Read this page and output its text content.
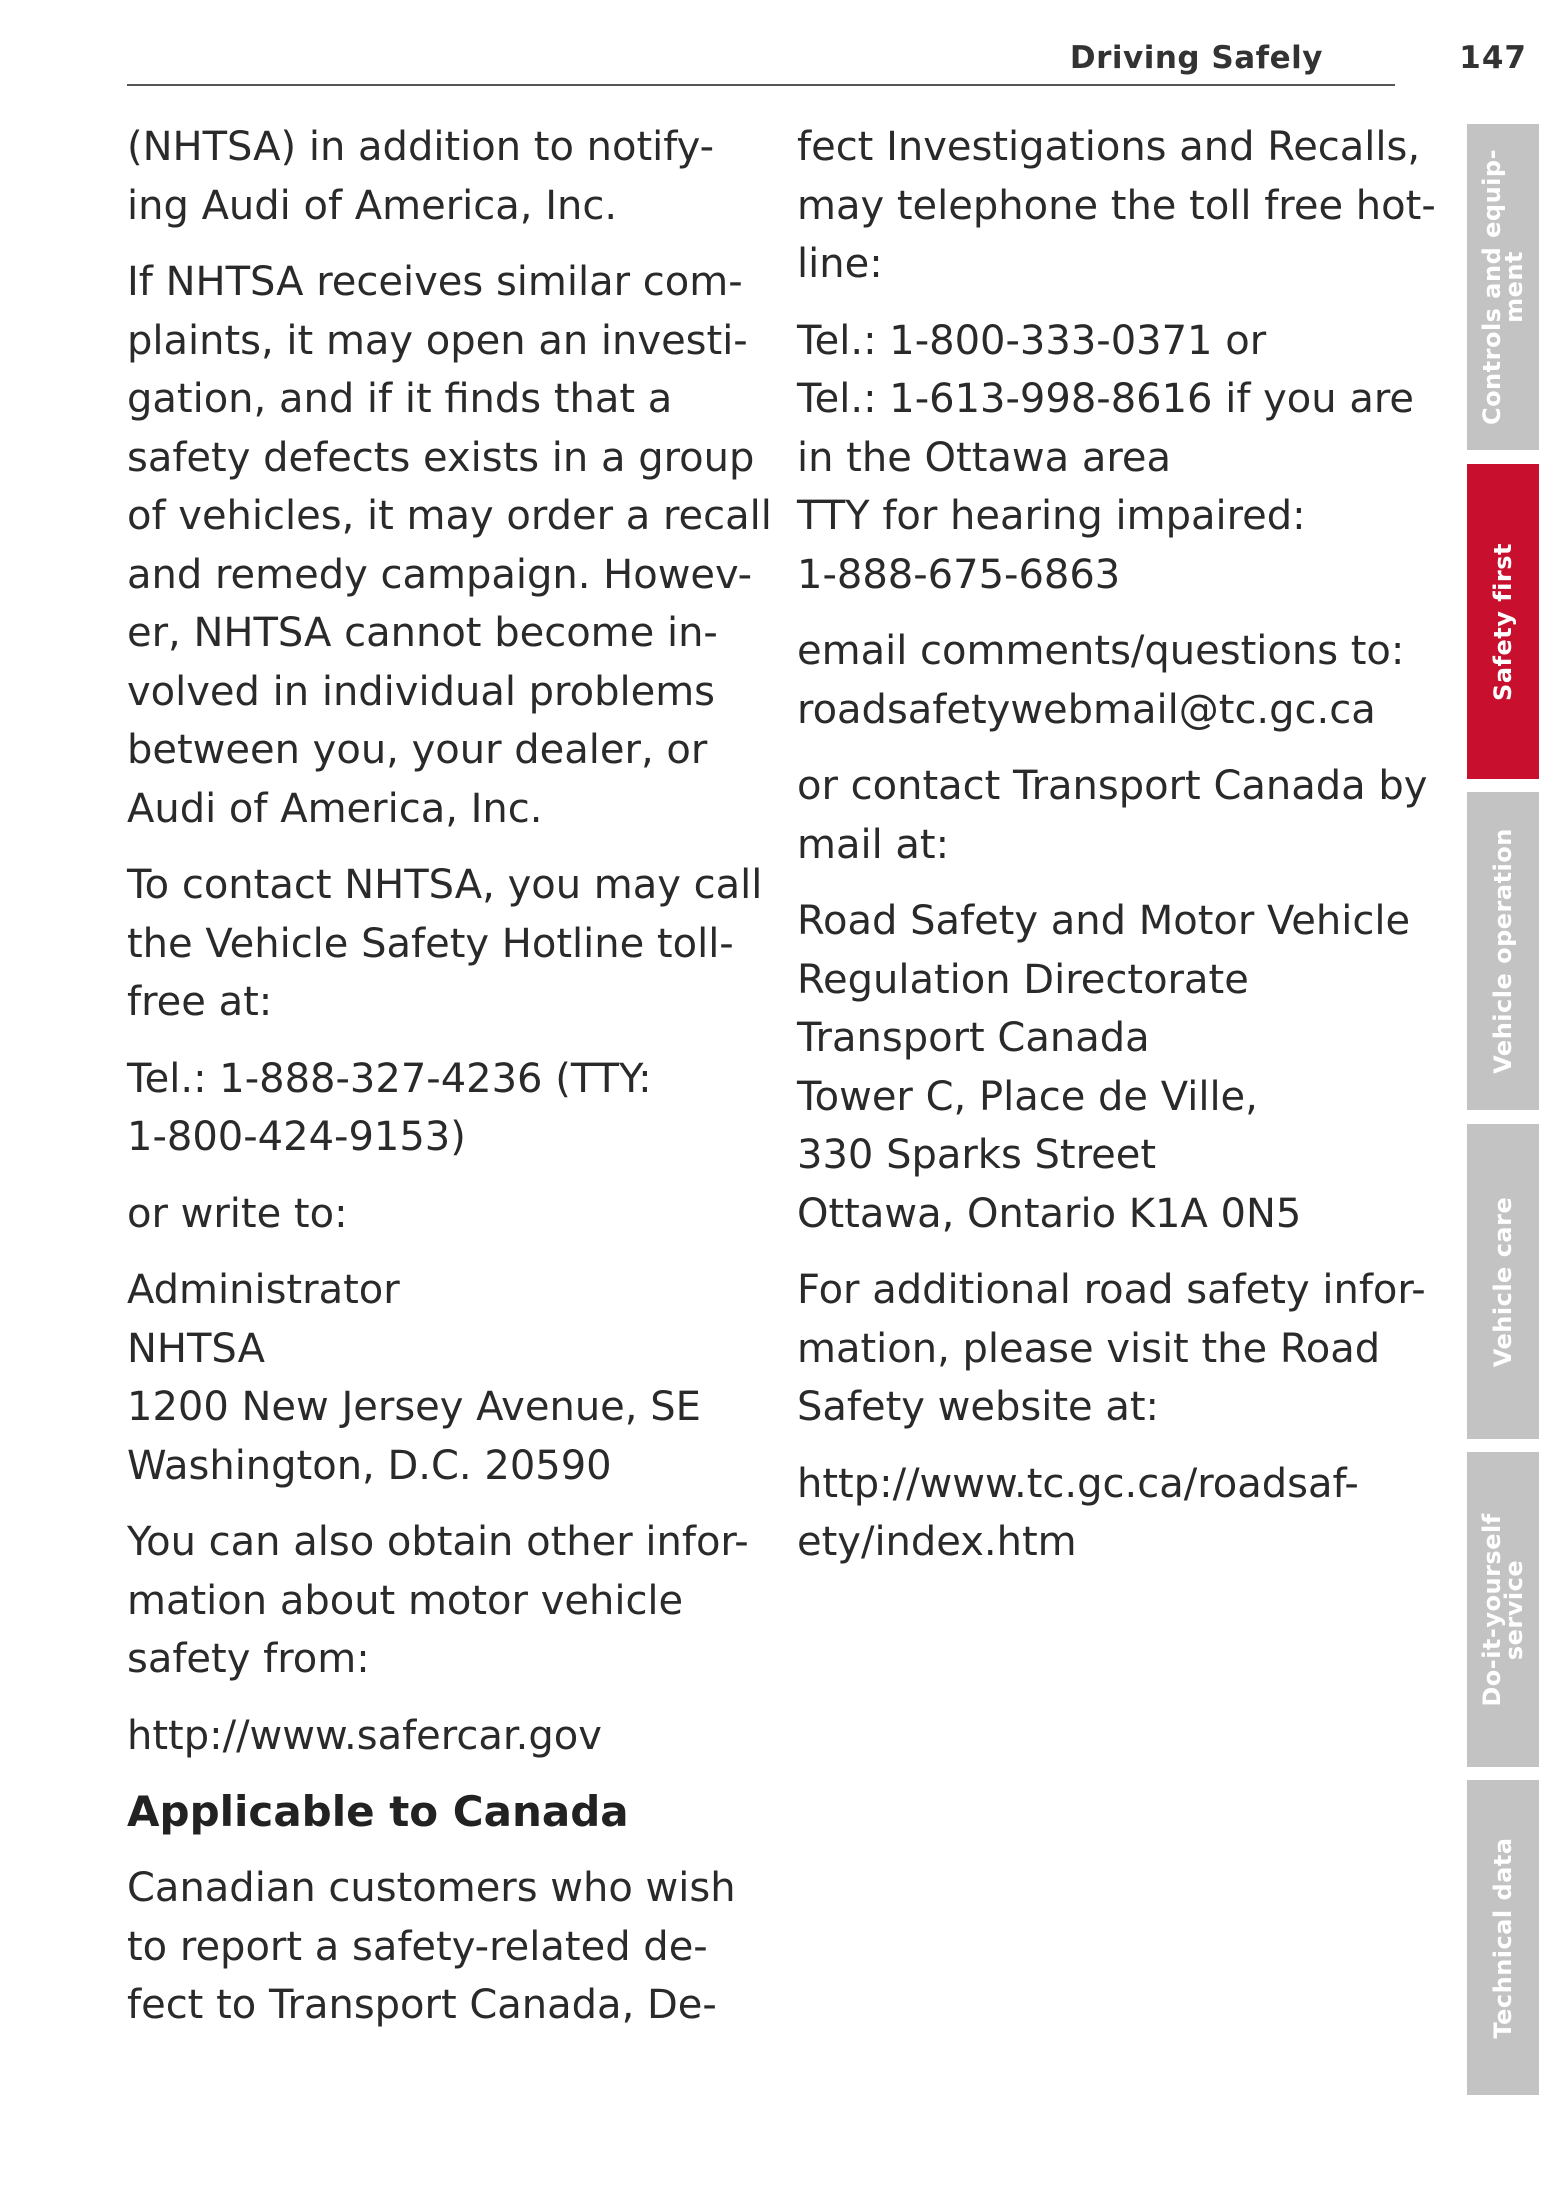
Driving Safely	147

(NHTSA) in addition to notify-
ing Audi of America, Inc.

If NHTSA receives similar com-
plaints, it may open an investi-
gation, and if it finds that a
safety defects exists in a group
of vehicles, it may order a recall
and remedy campaign. Howev-
er, NHTSA cannot become in-
volved in individual problems
between you, your dealer, or
Audi of America, Inc.

To contact NHTSA, you may call
the Vehicle Safety Hotline toll-
free at:

Tel.: 1-888-327-4236 (TTY:
1-800-424-9153)

or write to:

Administrator
NHTSA
1200 New Jersey Avenue, SE
Washington, D.C. 20590

You can also obtain other infor-
mation about motor vehicle
safety from:

http://www.safercar.gov

Applicable to Canada

Canadian customers who wish
to report a safety-related de-
fect to Transport Canada, De-

fect Investigations and Recalls,
may telephone the toll free hot-
line:

Tel.: 1-800-333-0371 or
Tel.: 1-613-998-8616 if you are
in the Ottawa area
TTY for hearing impaired:
1-888-675-6863

email comments/questions to:
roadsafetywebmail@tc.gc.ca

or contact Transport Canada by
mail at:

Road Safety and Motor Vehicle
Regulation Directorate
Transport Canada
Tower C, Place de Ville,
330 Sparks Street
Ottawa, Ontario K1A 0N5

For additional road safety infor-
mation, please visit the Road
Safety website at:

http://www.tc.gc.ca/roadsaf-
ety/index.htm

Controls and equip-
ment
Safety first
Vehicle operation
Vehicle care
Do-it-yourself
service
Technical data
